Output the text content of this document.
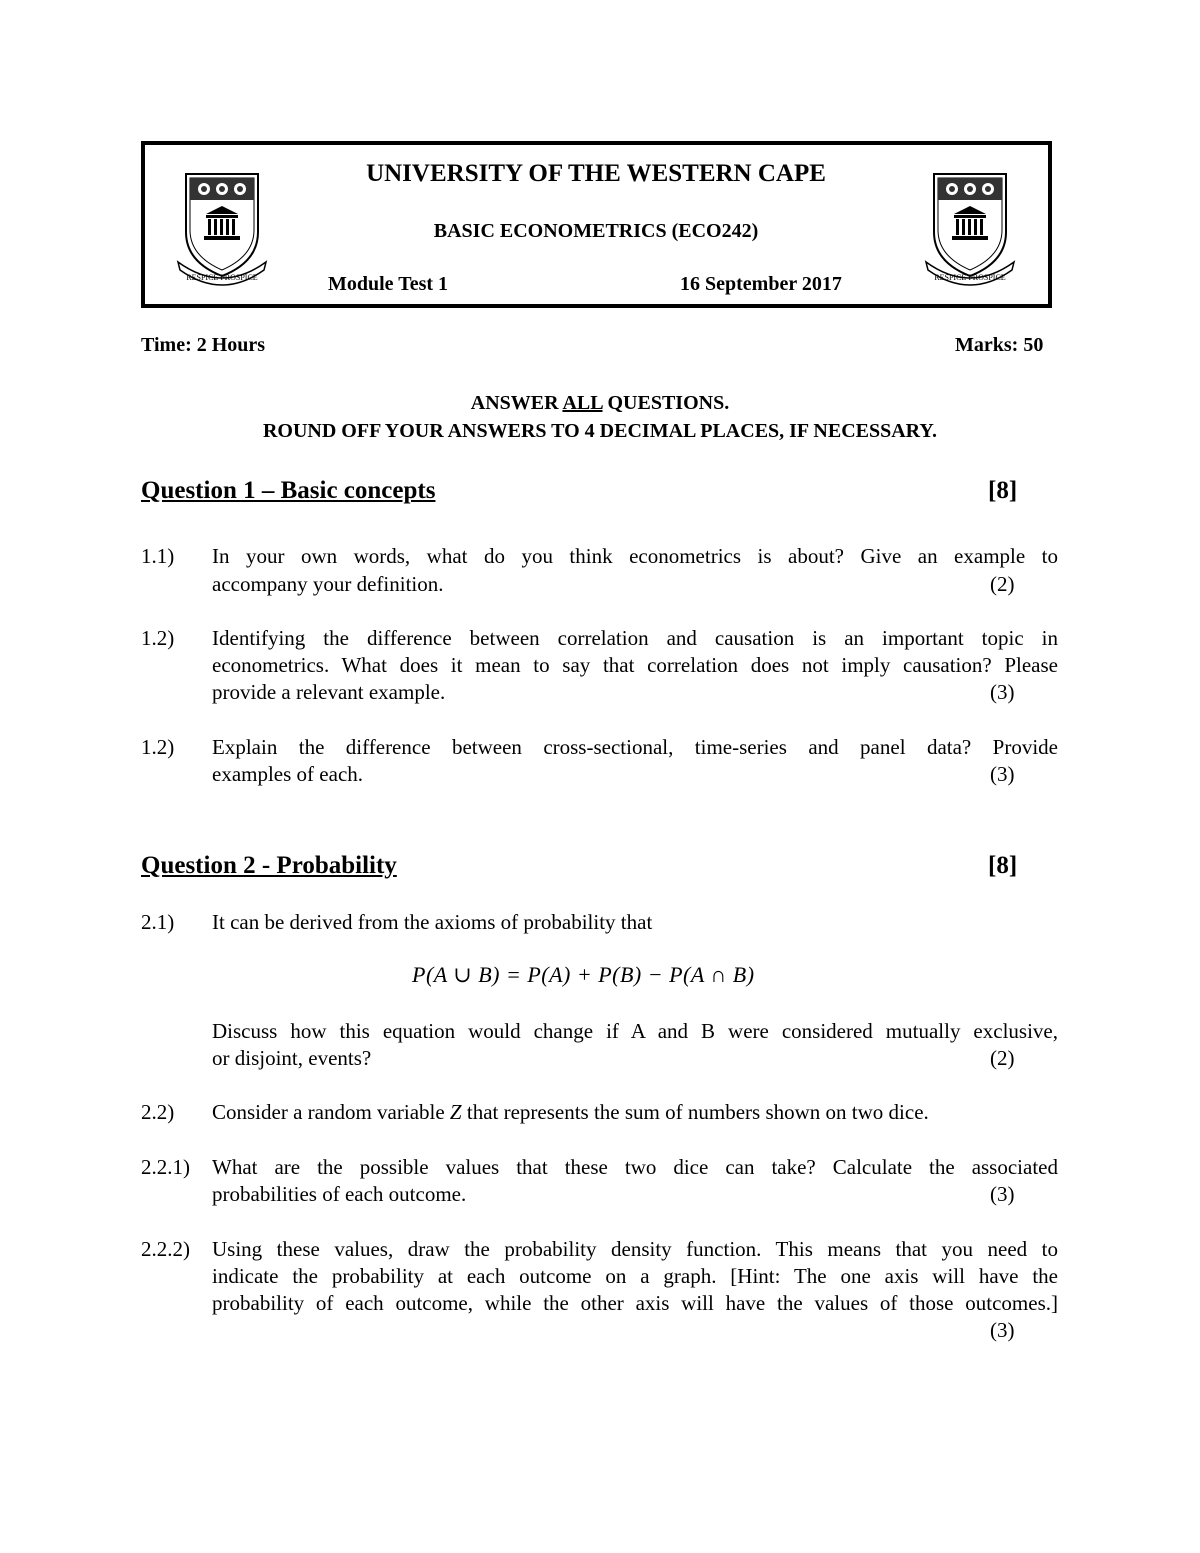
RESPICE PROSPICE	RESPICE PROSPICE
UNIVERSITY OF THE WESTERN CAPE
BASIC ECONOMETRICS (ECO242)
Module Test 1	16 September 2017
Time: 2 Hours	Marks: 50
ANSWER ALL QUESTIONS.
ROUND OFF YOUR ANSWERS TO 4 DECIMAL PLACES, IF NECESSARY.
Question 1 – Basic concepts	[8]
1.1) In your own words, what do you think econometrics is about? Give an example to
accompany your definition.	(2)
1.2) Identifying the difference between correlation and causation is an important topic in
econometrics. What does it mean to say that correlation does not imply causation? Please
provide a relevant example.	(3)
1.2) Explain the difference between cross-sectional, time-series and panel data? Provide
examples of each.	(3)
Question 2 - Probability	[8]
2.1) It can be derived from the axioms of probability that
P(A ∪ B) = P(A) + P(B) − P(A ∩ B)
Discuss how this equation would change if A and B were considered mutually exclusive,
or disjoint, events?	(2)
2.2) Consider a random variable Z that represents the sum of numbers shown on two dice.
2.2.1) What are the possible values that these two dice can take? Calculate the associated
probabilities of each outcome.	(3)
2.2.2) Using these values, draw the probability density function. This means that you need to
indicate the probability at each outcome on a graph. [Hint: The one axis will have the
probability of each outcome, while the other axis will have the values of those outcomes.]
(3)
